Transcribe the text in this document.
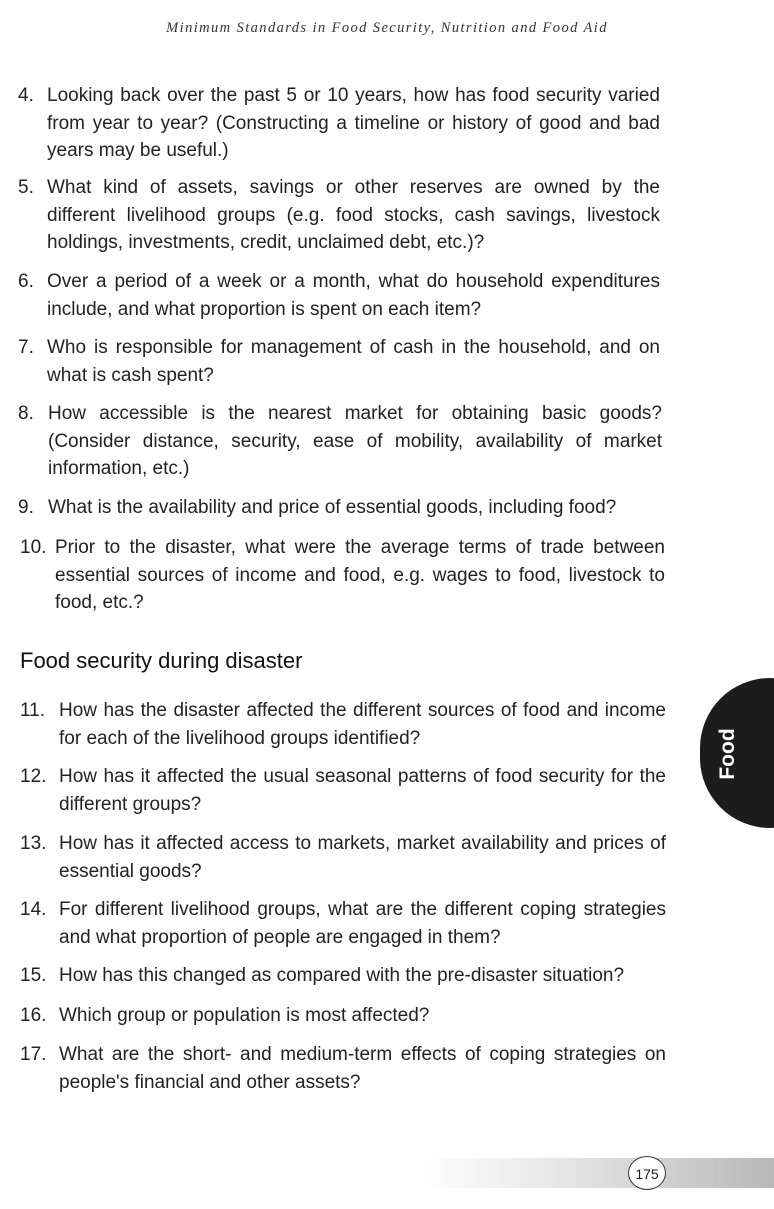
Minimum Standards in Food Security, Nutrition and Food Aid
4. Looking back over the past 5 or 10 years, how has food security varied from year to year? (Constructing a timeline or history of good and bad years may be useful.)
5. What kind of assets, savings or other reserves are owned by the different livelihood groups (e.g. food stocks, cash savings, livestock holdings, investments, credit, unclaimed debt, etc.)?
6. Over a period of a week or a month, what do household expenditures include, and what proportion is spent on each item?
7. Who is responsible for management of cash in the household, and on what is cash spent?
8. How accessible is the nearest market for obtaining basic goods? (Consider distance, security, ease of mobility, availability of market information, etc.)
9. What is the availability and price of essential goods, including food?
10. Prior to the disaster, what were the average terms of trade between essential sources of income and food, e.g. wages to food, livestock to food, etc.?
Food security during disaster
11. How has the disaster affected the different sources of food and income for each of the livelihood groups identified?
12. How has it affected the usual seasonal patterns of food security for the different groups?
13. How has it affected access to markets, market availability and prices of essential goods?
14. For different livelihood groups, what are the different coping strategies and what proportion of people are engaged in them?
15. How has this changed as compared with the pre-disaster situation?
16. Which group or population is most affected?
17. What are the short- and medium-term effects of coping strategies on people's financial and other assets?
Food
175
